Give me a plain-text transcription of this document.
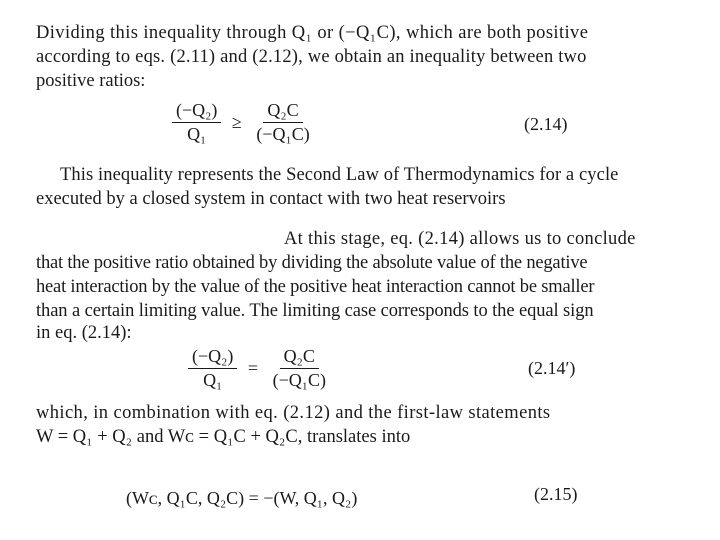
Dividing this inequality through Q₁ or (−Q₁C), which are both positive

according to eqs. (2.11) and (2.12), we obtain an inequality between two

positive ratios:

$\frac{\text{(−Q₂)}}{\text{Q₁}} \ge \frac{\text{Q₂C}}{\text{(−Q₁C)}}$	(2.14)

This inequality represents the Second Law of Thermodynamics for a cycle

executed by a closed system in contact with two heat reservoirs

At this stage, eq. (2.14) allows us to conclude

that the positive ratio obtained by dividing the absolute value of the negative

heat interaction by the value of the positive heat interaction cannot be smaller

than a certain limiting value. The limiting case corresponds to the equal sign

in eq. (2.14):

$\frac{\text{(−Q₂)}}{\text{Q₁}} = \frac{\text{Q₂C}}{\text{(−Q₁C)}}$	(2.14′)

which, in combination with eq. (2.12) and the first-law statements

W = Q₁ + Q₂ and Wᴄ = Q₁C + Q₂C, translates into

(Wᴄ, Q₁C, Q₂C) = −(W, Q₁, Q₂)	(2.15)
